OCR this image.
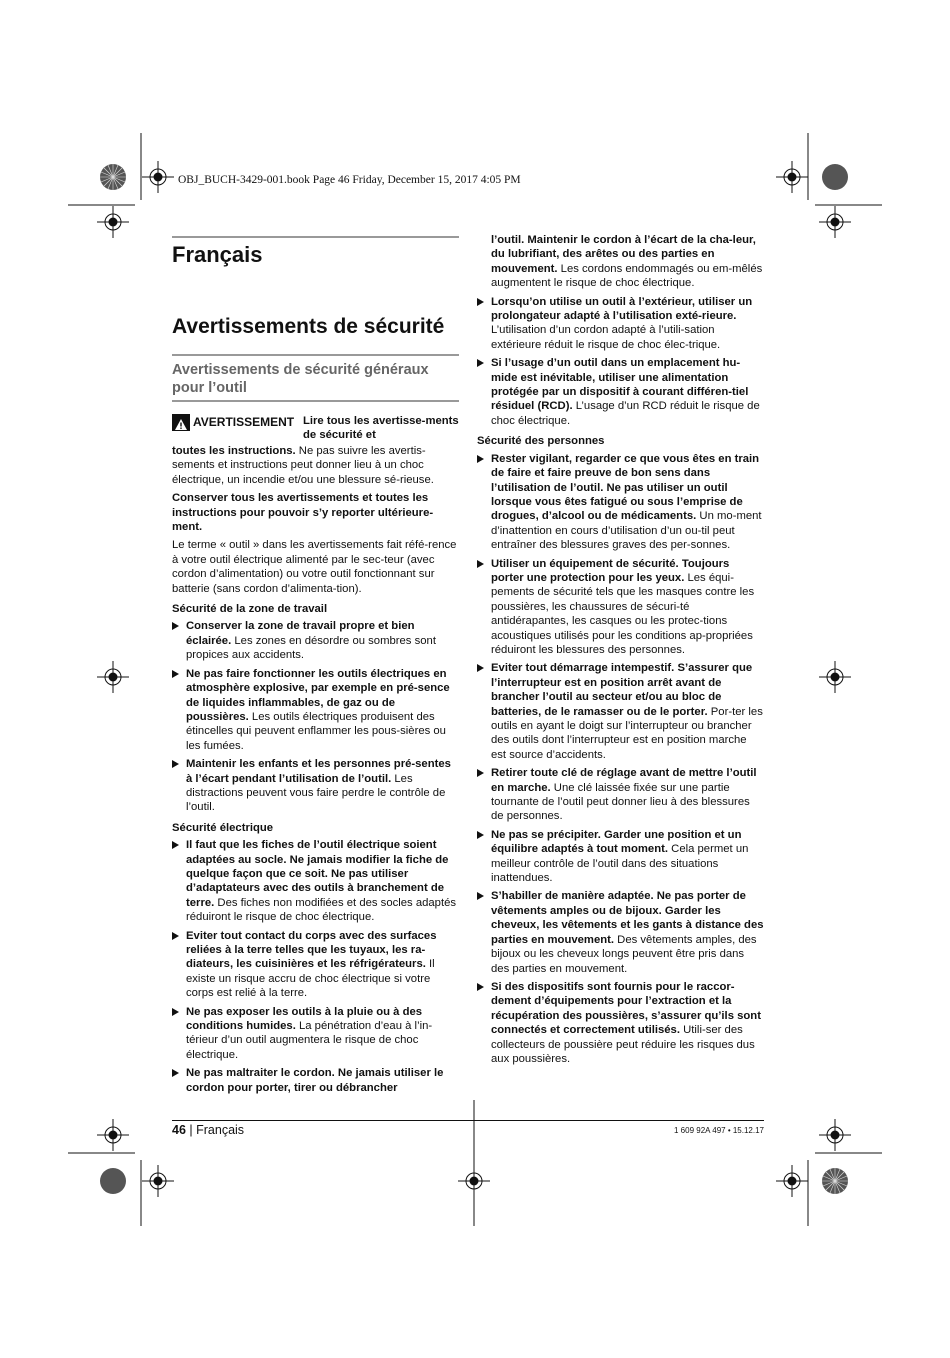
OBJ_BUCH-3429-001.book Page 46 Friday, December 15, 2017 4:05 PM
Français
Avertissements de sécurité
Avertissements de sécurité généraux pour l’outil
AVERTISSEMENT Lire tous les avertisse-ments de sécurité et

toutes les instructions. Ne pas suivre les avertis-sements et instructions peut donner lieu à un choc électrique, un incendie et/ou une blessure sé-rieuse.

Conserver tous les avertissements et toutes les instructions pour pouvoir s’y reporter ultérieure-ment.

Le terme « outil » dans les avertissements fait réfé-rence à votre outil électrique alimenté par le sec-teur (avec cordon d’alimentation) ou votre outil fonctionnant sur batterie (sans cordon d’alimenta-tion).

Sécurité de la zone de travail
Conserver la zone de travail propre et bien éclairée. Les zones en désordre ou sombres sont propices aux accidents.
Ne pas faire fonctionner les outils électriques en atmosphère explosive, par exemple en pré-sence de liquides inflammables, de gaz ou de poussières. Les outils électriques produisent des étincelles qui peuvent enflammer les pous-sières ou les fumées.
Maintenir les enfants et les personnes pré-sentes à l’écart pendant l’utilisation de l’outil. Les distractions peuvent vous faire perdre le contrôle de l’outil.
Sécurité électrique
Il faut que les fiches de l’outil électrique soient adaptées au socle. Ne jamais modifier la fiche de quelque façon que ce soit. Ne pas utiliser d’adaptateurs avec des outils à branchement de terre. Des fiches non modifiées et des socles adaptés réduiront le risque de choc électrique.
Eviter tout contact du corps avec des surfaces reliées à la terre telles que les tuyaux, les ra-diateurs, les cuisinières et les réfrigérateurs. Il existe un risque accru de choc électrique si votre corps est relié à la terre.
Ne pas exposer les outils à la pluie ou à des conditions humides. La pénétration d’eau à l’in-térieur d’un outil augmentera le risque de choc électrique.
Ne pas maltraiter le cordon. Ne jamais utiliser le cordon pour porter, tirer ou débrancher
l’outil. Maintenir le cordon à l’écart de la cha-leur, du lubrifiant, des arêtes ou des parties en mouvement. Les cordons endommagés ou em-mêlés augmentent le risque de choc électrique.
Lorsqu’on utilise un outil à l’extérieur, utiliser un prolongateur adapté à l’utilisation exté-rieure. L’utilisation d’un cordon adapté à l’utili-sation extérieure réduit le risque de choc élec-trique.
Si l’usage d’un outil dans un emplacement hu-mide est inévitable, utiliser une alimentation protégée par un dispositif à courant différen-tiel résiduel (RCD). L’usage d’un RCD réduit le risque de choc électrique.
Sécurité des personnes
Rester vigilant, regarder ce que vous êtes en train de faire et faire preuve de bon sens dans l’utilisation de l’outil. Ne pas utiliser un outil lorsque vous êtes fatigué ou sous l’emprise de drogues, d’alcool ou de médicaments. Un mo-ment d’inattention en cours d’utilisation d’un ou-til peut entraîner des blessures graves des per-sonnes.
Utiliser un équipement de sécurité. Toujours porter une protection pour les yeux. Les équi-pements de sécurité tels que les masques contre les poussières, les chaussures de sécuri-té antidérapantes, les casques ou les protec-tions acoustiques utilisés pour les conditions ap-propriées réduiront les blessures des personnes.
Eviter tout démarrage intempestif. S’assurer que l’interrupteur est en position arrêt avant de brancher l’outil au secteur et/ou au bloc de batteries, de le ramasser ou de le porter. Por-ter les outils en ayant le doigt sur l’interrupteur ou brancher des outils dont l’interrupteur est en position marche est source d’accidents.
Retirer toute clé de réglage avant de mettre l’outil en marche. Une clé laissée fixée sur une partie tournante de l’outil peut donner lieu à des blessures de personnes.
Ne pas se précipiter. Garder une position et un équilibre adaptés à tout moment. Cela permet un meilleur contrôle de l’outil dans des situations inattendues.
S’habiller de manière adaptée. Ne pas porter de vêtements amples ou de bijoux. Garder les cheveux, les vêtements et les gants à distance des parties en mouvement. Des vêtements amples, des bijoux ou les cheveux longs peuvent être pris dans des parties en mouvement.
Si des dispositifs sont fournis pour le raccor-dement d’équipements pour l’extraction et la récupération des poussières, s’assurer qu’ils sont connectés et correctement utilisés. Utili-ser des collecteurs de poussière peut réduire les risques dus aux poussières.
46 | Français	1 609 92A 497 • 15.12.17
